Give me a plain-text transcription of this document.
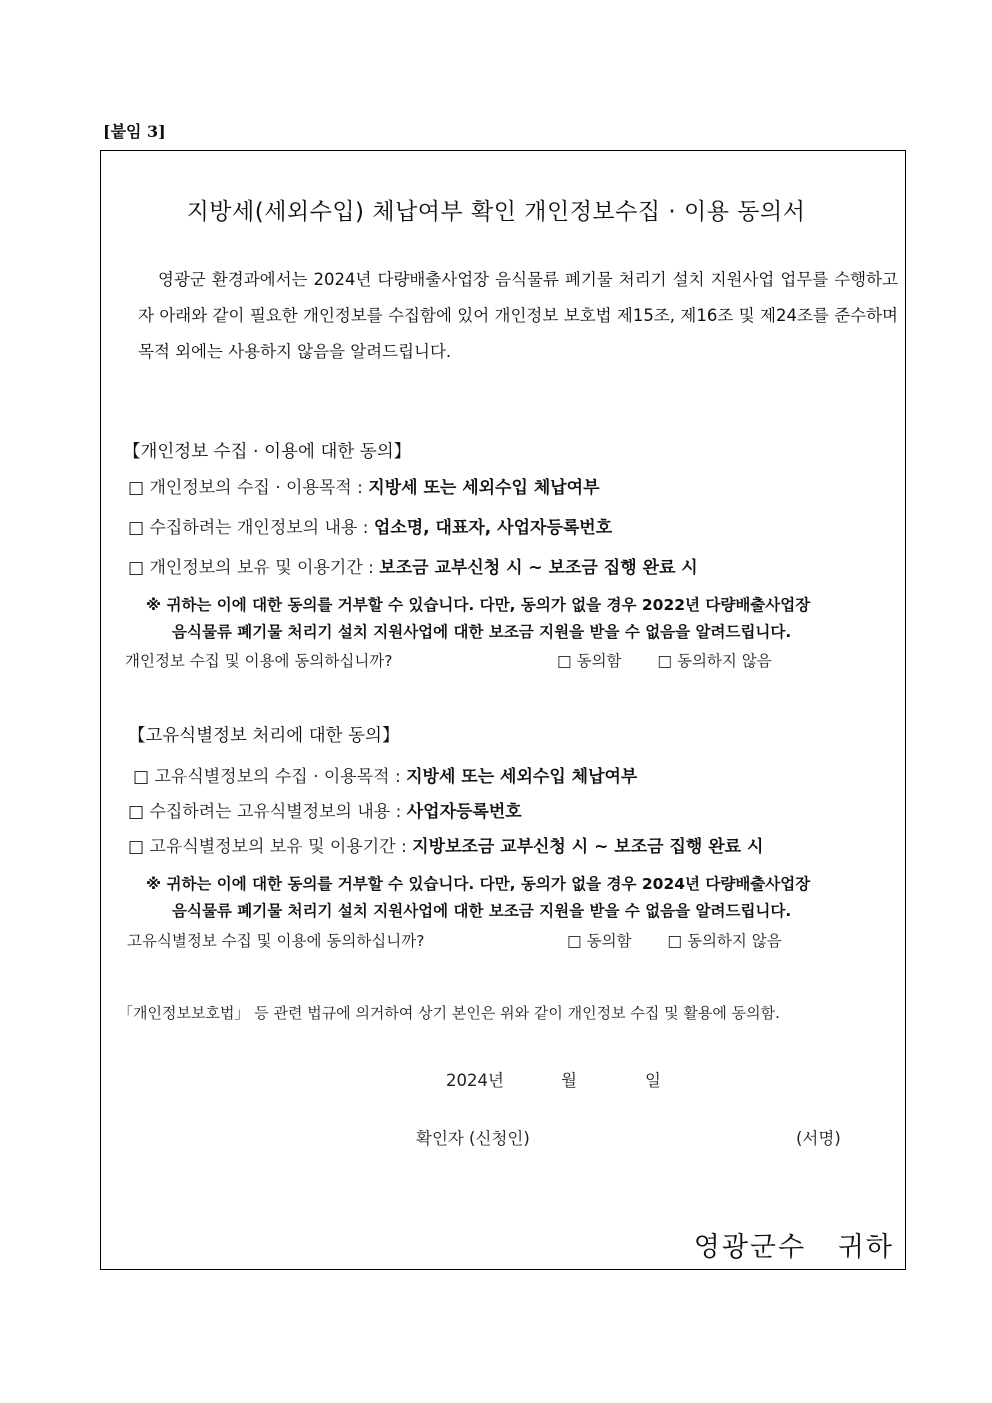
[붙임 3]
지방세(세외수입) 체납여부 확인 개인정보수집 · 이용 동의서

영광군 환경과에서는 2024년 다량배출사업장 음식물류 폐기물 처리기 설치 지원사업 업무를 수행하고자 아래와 같이 필요한 개인정보를 수집함에 있어 개인정보 보호법 제15조, 제16조 및 제24조를 준수하며 목적 외에는 사용하지 않음을 알려드립니다.

【개인정보 수집 · 이용에 대한 동의】
□ 개인정보의 수집 · 이용목적 : 지방세 또는 세외수입 체납여부
□ 수집하려는 개인정보의 내용 : 업소명, 대표자, 사업자등록번호
□ 개인정보의 보유 및 이용기간 : 보조금 교부신청 시 ~ 보조금 집행 완료 시
※ 귀하는 이에 대한 동의를 거부할 수 있습니다. 다만, 동의가 없을 경우 2022년 다량배출사업장
음식물류 폐기물 처리기 설치 지원사업에 대한 보조금 지원을 받을 수 없음을 알려드립니다.
개인정보 수집 및 이용에 동의하십니까?	□ 동의함 □ 동의하지 않음
【고유식별정보 처리에 대한 동의】
□ 고유식별정보의 수집 · 이용목적 : 지방세 또는 세외수입 체납여부
□ 수집하려는 고유식별정보의 내용 : 사업자등록번호
□ 고유식별정보의 보유 및 이용기간 : 지방보조금 교부신청 시 ~ 보조금 집행 완료 시
※ 귀하는 이에 대한 동의를 거부할 수 있습니다. 다만, 동의가 없을 경우 2024년 다량배출사업장
음식물류 폐기물 처리기 설치 지원사업에 대한 보조금 지원을 받을 수 없음을 알려드립니다.
고유식별정보 수집 및 이용에 동의하십니까?	□ 동의함 □ 동의하지 않음
「개인정보보호법」 등 관련 법규에 의거하여 상기 본인은 위와 같이 개인정보 수집 및 활용에 동의함.
2024년	월	일
확인자 (신청인)	(서명)
영광군수   귀하
